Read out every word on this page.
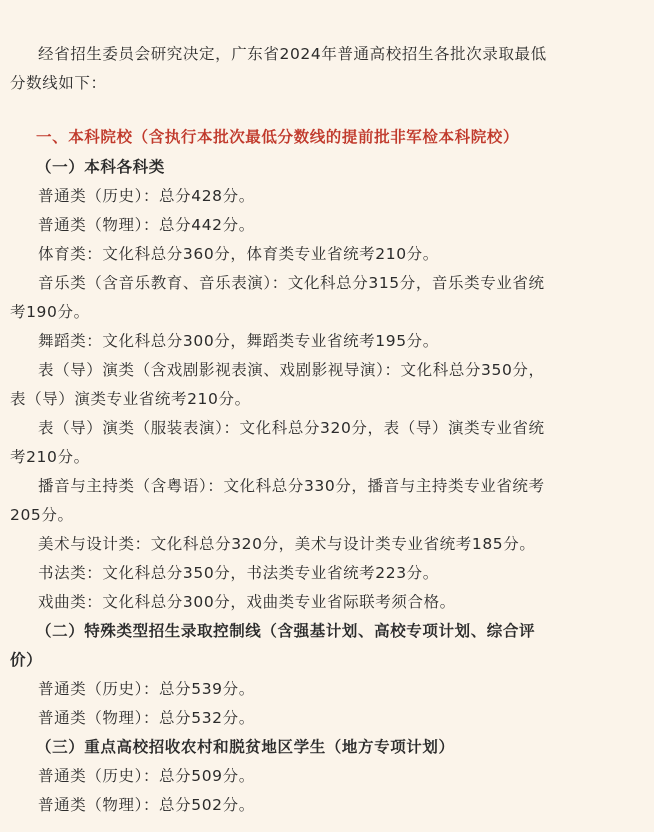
经省招生委员会研究决定，广东省2024年普通高校招生各批次录取最低
分数线如下：
一、本科院校（含执行本批次最低分数线的提前批非军检本科院校）
（一）本科各科类
普通类（历史）：总分428分。
普通类（物理）：总分442分。
体育类：文化科总分360分，体育类专业省统考210分。
音乐类（含音乐教育、音乐表演）：文化科总分315分，音乐类专业省统
考190分。
舞蹈类：文化科总分300分，舞蹈类专业省统考195分。
表（导）演类（含戏剧影视表演、戏剧影视导演）：文化科总分350分，
表（导）演类专业省统考210分。
表（导）演类（服装表演）：文化科总分320分，表（导）演类专业省统
考210分。
播音与主持类（含粤语）：文化科总分330分，播音与主持类专业省统考
205分。
美术与设计类：文化科总分320分，美术与设计类专业省统考185分。
书法类：文化科总分350分，书法类专业省统考223分。
戏曲类：文化科总分300分，戏曲类专业省际联考须合格。
（二）特殊类型招生录取控制线（含强基计划、高校专项计划、综合评
价）
普通类（历史）：总分539分。
普通类（物理）：总分532分。
（三）重点高校招收农村和脱贫地区学生（地方专项计划）
普通类（历史）：总分509分。
普通类（物理）：总分502分。
